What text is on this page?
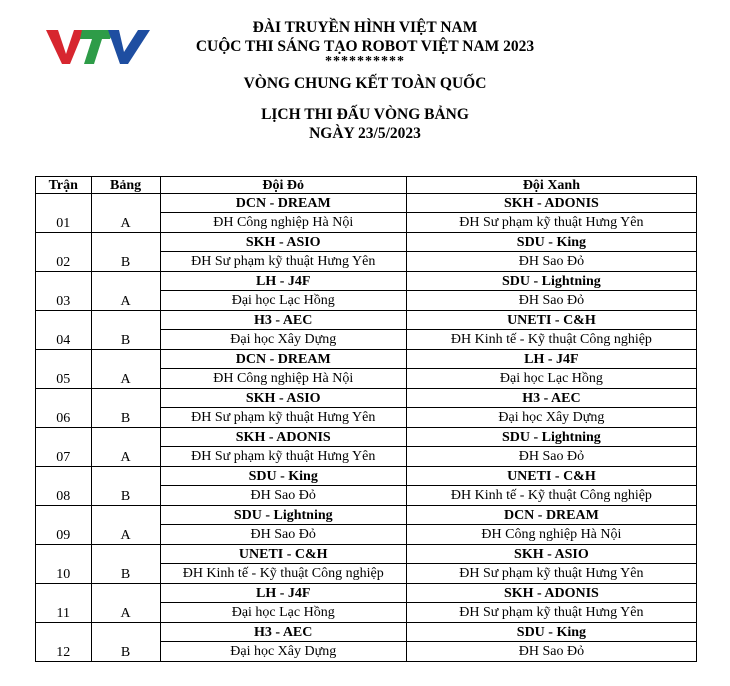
ĐÀI TRUYỀN HÌNH VIỆT NAM
CUỘC THI SÁNG TẠO ROBOT VIỆT NAM 2023
**********
VÒNG CHUNG KẾT TOÀN QUỐC
LỊCH THI ĐẤU VÒNG BẢNG
NGÀY 23/5/2023
Trận	Bảng	Đội Đỏ	Đội Xanh
01	A	DCN - DREAM	SKH - ADONIS
		ĐH Công nghiệp Hà Nội	ĐH Sư phạm kỹ thuật Hưng Yên
02	B	SKH - ASIO	SDU - King
		ĐH Sư phạm kỹ thuật Hưng Yên	ĐH Sao Đỏ
03	A	LH - J4F	SDU - Lightning
		Đại học Lạc Hồng	ĐH Sao Đỏ
04	B	H3 - AEC	UNETI - C&H
		Đại học Xây Dựng	ĐH Kinh tế - Kỹ thuật Công nghiệp
05	A	DCN - DREAM	LH - J4F
		ĐH Công nghiệp Hà Nội	Đại học Lạc Hồng
06	B	SKH - ASIO	H3 - AEC
		ĐH Sư phạm kỹ thuật Hưng Yên	Đại học Xây Dựng
07	A	SKH - ADONIS	SDU - Lightning
		ĐH Sư phạm kỹ thuật Hưng Yên	ĐH Sao Đỏ
08	B	SDU - King	UNETI - C&H
		ĐH Sao Đỏ	ĐH Kinh tế - Kỹ thuật Công nghiệp
09	A	SDU - Lightning	DCN - DREAM
		ĐH Sao Đỏ	ĐH Công nghiệp Hà Nội
10	B	UNETI - C&H	SKH - ASIO
		ĐH Kinh tế - Kỹ thuật Công nghiệp	ĐH Sư phạm kỹ thuật Hưng Yên
11	A	LH - J4F	SKH - ADONIS
		Đại học Lạc Hồng	ĐH Sư phạm kỹ thuật Hưng Yên
12	B	H3 - AEC	SDU - King
		Đại học Xây Dựng	ĐH Sao Đỏ
